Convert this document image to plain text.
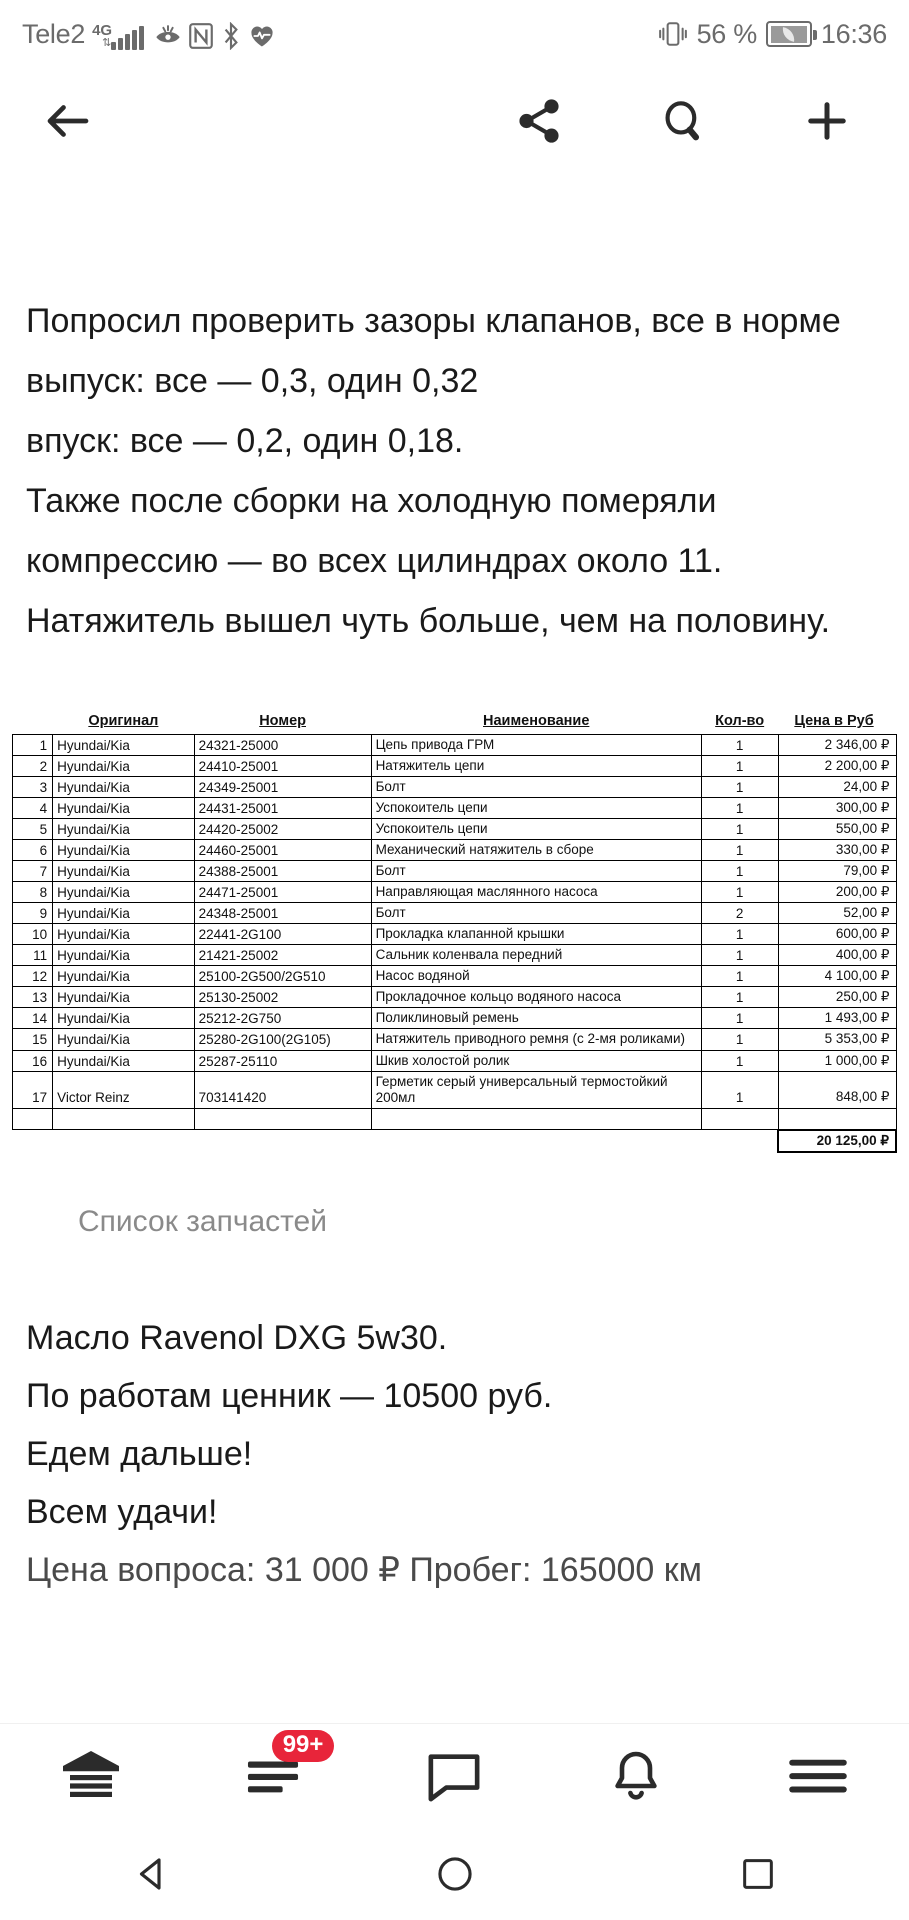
Tele2 4G
⇅	56 % 16:36
Попросил проверить зазоры клапанов, все в норме
выпуск: все — 0,3, один 0,32
впуск: все — 0,2, один 0,18.
Также после сборки на холодную померяли компрессию — во всех цилиндрах около 11. Натяжитель вышел чуть больше, чем на половину.
	Оригинал	Номер	Наименование	Кол-во	Цена в Руб
1	Hyundai/Kia	24321-25000	Цепь привода ГРМ	1	2 346,00 ₽
2	Hyundai/Kia	24410-25001	Натяжитель цепи	1	2 200,00 ₽
3	Hyundai/Kia	24349-25001	Болт	1	24,00 ₽
4	Hyundai/Kia	24431-25001	Успокоитель цепи	1	300,00 ₽
5	Hyundai/Kia	24420-25002	Успокоитель цепи	1	550,00 ₽
6	Hyundai/Kia	24460-25001	Механический натяжитель в сборе	1	330,00 ₽
7	Hyundai/Kia	24388-25001	Болт	1	79,00 ₽
8	Hyundai/Kia	24471-25001	Направляющая маслянного насоса	1	200,00 ₽
9	Hyundai/Kia	24348-25001	Болт	2	52,00 ₽
10	Hyundai/Kia	22441-2G100	Прокладка клапанной крышки	1	600,00 ₽
11	Hyundai/Kia	21421-25002	Сальник коленвала передний	1	400,00 ₽
12	Hyundai/Kia	25100-2G500/2G510	Насос водяной	1	4 100,00 ₽
13	Hyundai/Kia	25130-25002	Прокладочное кольцо водяного насоса	1	250,00 ₽
14	Hyundai/Kia	25212-2G750	Поликлиновый ремень	1	1 493,00 ₽
15	Hyundai/Kia	25280-2G100(2G105)	Натяжитель приводного ремня (с 2-мя роликами)	1	5 353,00 ₽
16	Hyundai/Kia	25287-25110	Шкив холостой ролик	1	1 000,00 ₽
17	Victor Reinz	703141420	Герметик серый универсальный термостойкий 200мл	1	848,00 ₽

					20 125,00 ₽
Список запчастей
Масло Ravenol DXG 5w30.
По работам ценник — 10500 руб.
Едем дальше!
Всем удачи!
Цена вопроса: 31 000 ₽ Пробег: 165000 км
99+
